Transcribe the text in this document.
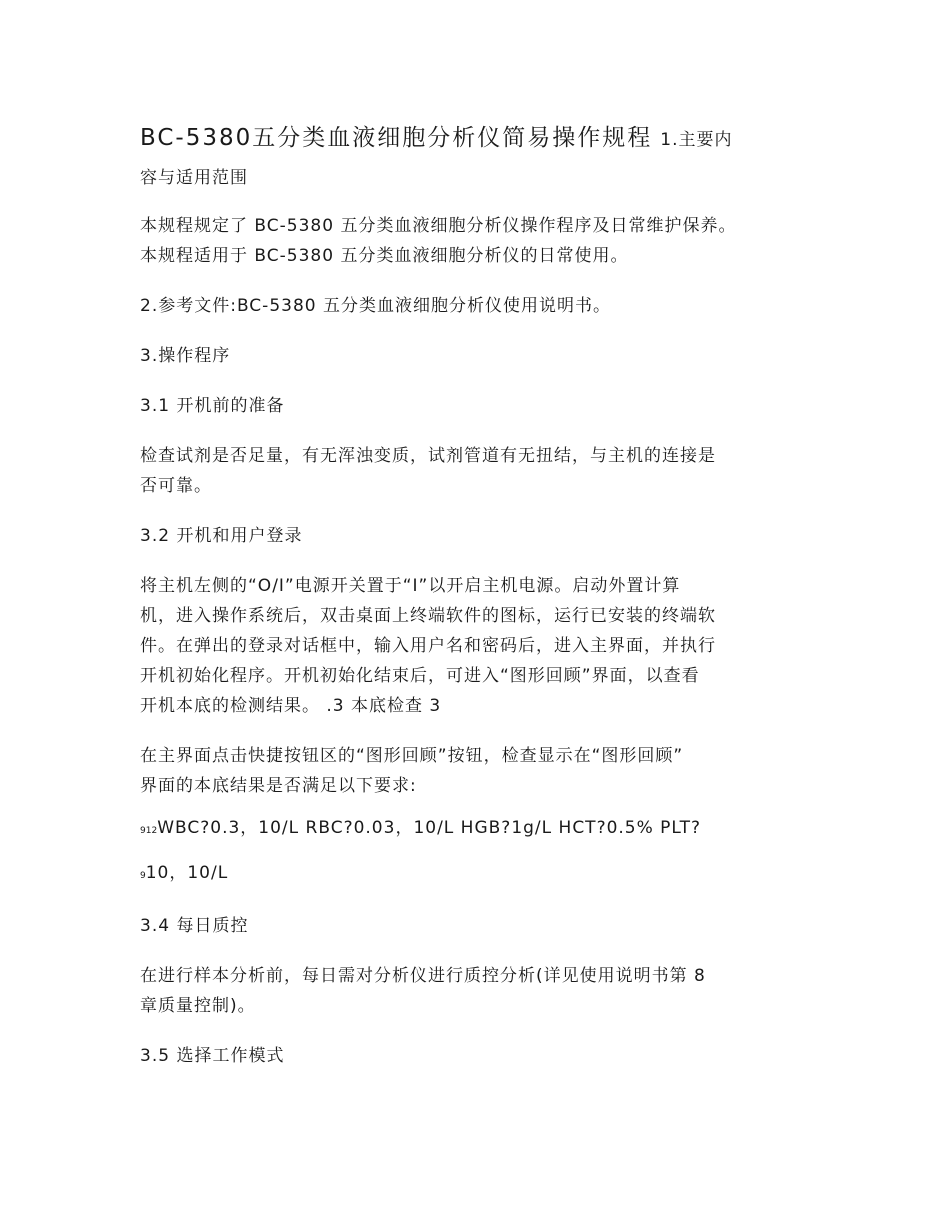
BC-5380五分类血液细胞分析仪简易操作规程 1.主要内

容与适用范围

本规程规定了 BC-5380 五分类血液细胞分析仪操作程序及日常维护保养。

本规程适用于 BC-5380 五分类血液细胞分析仪的日常使用。

2.参考文件:BC-5380 五分类血液细胞分析仪使用说明书。

3.操作程序

3.1 开机前的准备

检查试剂是否足量，有无浑浊变质，试剂管道有无扭结，与主机的连接是

否可靠。

3.2 开机和用户登录

将主机左侧的“O/I”电源开关置于“I”以开启主机电源。启动外置计算

机，进入操作系统后，双击桌面上终端软件的图标，运行已安装的终端软

件。在弹出的登录对话框中，输入用户名和密码后，进入主界面，并执行

开机初始化程序。开机初始化结束后，可进入“图形回顾”界面，以查看

开机本底的检测结果。 .3 本底检查 3

在主界面点击快捷按钮区的“图形回顾”按钮，检查显示在“图形回顾”

界面的本底结果是否满足以下要求:

912WBC?0.3，10/L RBC?0.03，10/L HGB?1g/L HCT?0.5% PLT?

910，10/L

3.4 每日质控

在进行样本分析前，每日需对分析仪进行质控分析(详见使用说明书第 8

章质量控制)。

3.5 选择工作模式
